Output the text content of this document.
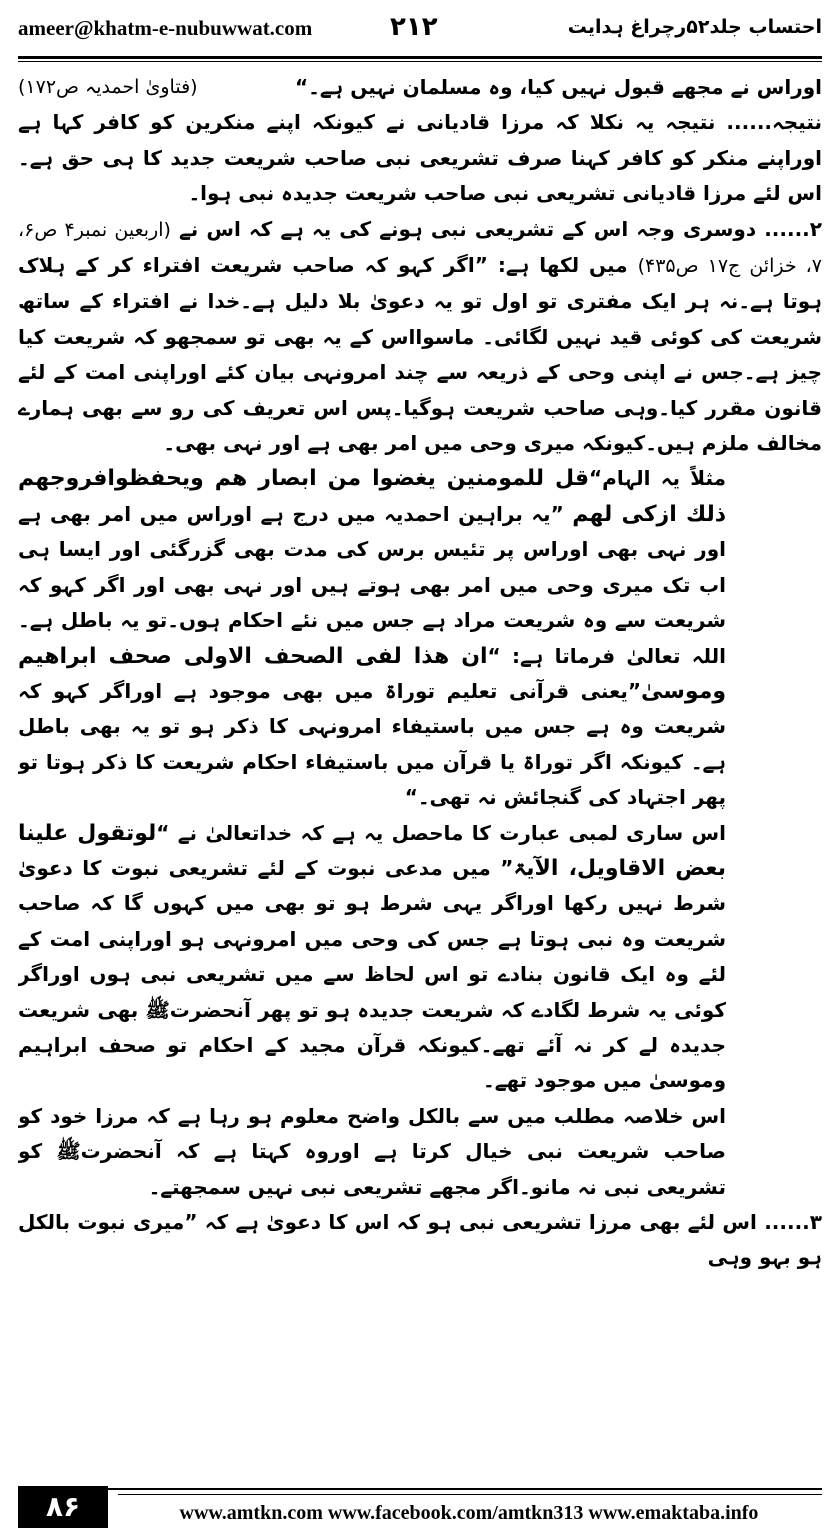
ameer@khatm-e-nubuwwat.com	۲۱۲	احتساب جلد۵۲رچراغ ہدایت

اوراس نے مجھے قبول نہیں کیا، وہ مسلمان نہیں ہے۔“
(فتاویٰ احمدیہ ص۱۷۲)

نتیجہ...... نتیجہ یہ نکلا کہ مرزا قادیانی نے کیونکہ اپنے منکرین کو کافر کہا ہے اوراپنے منکر کو کافر کہنا صرف تشریعی نبی صاحب شریعت جدید کا ہی حق ہے۔اس لئے مرزا قادیانی تشریعی نبی صاحب شریعت جدیدہ نبی ہوا۔

۲...... دوسری وجہ اس کے تشریعی نبی ہونے کی یہ ہے کہ اس نے (اربعین نمبر۴ ص۶، ۷، خزائن ج۱۷ ص۴۳۵) میں لکھا ہے: ”اگر کہو کہ صاحب شریعت افتراء کر کے ہلاک ہوتا ہے۔نہ ہر ایک مفتری تو اول تو یہ دعویٰ بلا دلیل ہے۔خدا نے افتراء کے ساتھ شریعت کی کوئی قید نہیں لگائی۔ ماسوااس کے یہ بھی تو سمجھو کہ شریعت کیا چیز ہے۔جس نے اپنی وحی کے ذریعہ سے چند امرونہی بیان کئے اوراپنی امت کے لئے قانون مقرر کیا۔وہی صاحب شریعت ہوگیا۔پس اس تعریف کی رو سے بھی ہمارے مخالف ملزم ہیں۔کیونکہ میری وحی میں امر بھی ہے اور نہی بھی۔

مثلاً یہ الہام“قل للمومنین یغضوا من ابصار ھم ویحفظوافروجھم ذلك ازکی لھم ”یہ براہین احمدیہ میں درج ہے اوراس میں امر بھی ہے اور نہی بھی اوراس پر تئیس برس کی مدت بھی گزرگئی اور ایسا ہی اب تک میری وحی میں امر بھی ہوتے ہیں اور نہی بھی اور اگر کہو کہ شریعت سے وہ شریعت مراد ہے جس میں نئے احکام ہوں۔تو یہ باطل ہے۔اللہ تعالیٰ فرماتا ہے: “ان ھذا لفی الصحف الاولی صحف ابراھیم وموسیٰ”یعنی قرآنی تعلیم توراۃ میں بھی موجود ہے اوراگر کہو کہ شریعت وہ ہے جس میں باستیفاء امرونہی کا ذکر ہو تو یہ بھی باطل ہے۔ کیونکہ اگر توراۃ یا قرآن میں باستیفاء احکام شریعت کا ذکر ہوتا تو پھر اجتہاد کی گنجائش نہ تھی۔“

اس ساری لمبی عبارت کا ماحصل یہ ہے کہ خداتعالیٰ نے “لوتقول علینا بعض الاقاویل، الآیۃ” میں مدعی نبوت کے لئے تشریعی نبوت کا دعویٰ شرط نہیں رکھا اوراگر یہی شرط ہو تو بھی میں کہوں گا کہ صاحب شریعت وہ نبی ہوتا ہے جس کی وحی میں امرونہی ہو اوراپنی امت کے لئے وہ ایک قانون بنادے تو اس لحاظ سے میں تشریعی نبی ہوں اوراگر کوئی یہ شرط لگادے کہ شریعت جدیدہ ہو تو پھر آنحضرتﷺ بھی شریعت جدیدہ لے کر نہ آئے تھے۔کیونکہ قرآن مجید کے احکام تو صحف ابراہیم وموسیٰ میں موجود تھے۔

اس خلاصہ مطلب میں سے بالکل واضح معلوم ہو رہا ہے کہ مرزا خود کو صاحب شریعت نبی خیال کرتا ہے اوروہ کہتا ہے کہ آنحضرتﷺ کو تشریعی نبی نہ مانو۔اگر مجھے تشریعی نبی نہیں سمجھتے۔

۳...... اس لئے بھی مرزا تشریعی نبی ہو کہ اس کا دعویٰ ہے کہ ”میری نبوت بالکل ہو بہو وہی

۸۶	www.amtkn.com www.facebook.com/amtkn313 www.emaktaba.info
